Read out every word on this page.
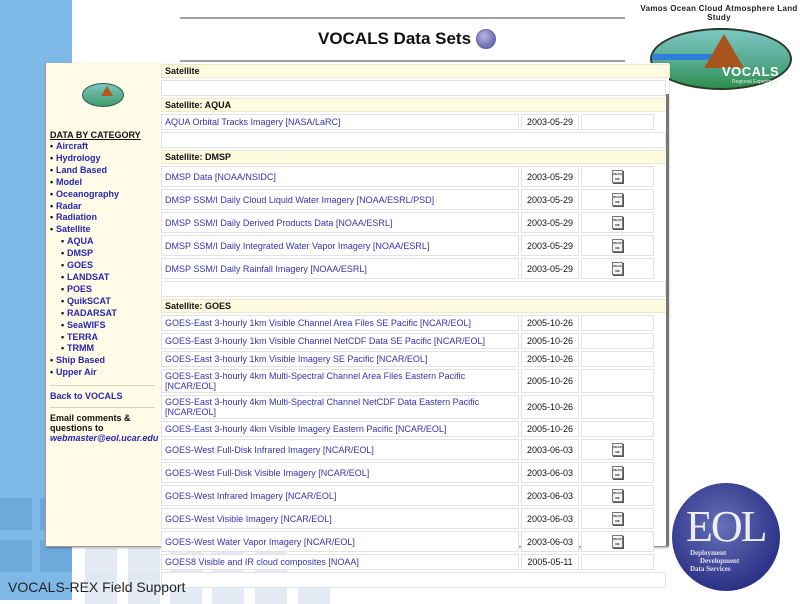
VOCALS Data Sets
Vamos Ocean Cloud Atmosphere Land Study
VOCALS
Regional Experiment
DATA BY CATEGORY
• Aircraft
• Hydrology
• Land Based
• Model
• Oceanography
• Radar
• Radiation
• Satellite
• AQUA
• DMSP
• GOES
• LANDSAT
• POES
• QuikSCAT
• RADARSAT
• SeaWIFS
• TERRA
• TRMM
• Ship Based
• Upper Air
Back to VOCALS
Email comments & questions to
webmaster@eol.ucar.edu
Satellite
Satellite: AQUA
AQUA Orbital Tracks Imagery [NASA/LaRC]	2003-05-29
Satellite: DMSP
DMSP Data [NOAA/NSIDC]	2003-05-29	READ ME
DMSP SSM/I Daily Cloud Liquid Water Imagery [NOAA/ESRL/PSD]	2003-05-29	READ ME
DMSP SSM/I Daily Derived Products Data [NOAA/ESRL]	2003-05-29	READ ME
DMSP SSM/I Daily Integrated Water Vapor Imagery [NOAA/ESRL]	2003-05-29	READ ME
DMSP SSM/I Daily Rainfall Imagery [NOAA/ESRL]	2003-05-29	READ ME
Satellite: GOES
GOES-East 3-hourly 1km Visible Channel Area Files SE Pacific [NCAR/EOL]	2005-10-26
GOES-East 3-hourly 1km Visible Channel NetCDF Data SE Pacific [NCAR/EOL]	2005-10-26
GOES-East 3-hourly 1km Visible Imagery SE Pacific [NCAR/EOL]	2005-10-26
GOES-East 3-hourly 4km Multi-Spectral Channel Area Files Eastern Pacific [NCAR/EOL]	2005-10-26
GOES-East 3-hourly 4km Multi-Spectral Channel NetCDF Data Eastern Pacific [NCAR/EOL]	2005-10-26
GOES-East 3-hourly 4km Visible Imagery Eastern Pacific [NCAR/EOL]	2005-10-26
GOES-West Full-Disk Infrared Imagery [NCAR/EOL]	2003-06-03	READ ME
GOES-West Full-Disk Visible Imagery [NCAR/EOL]	2003-06-03	READ ME
GOES-West Infrared Imagery [NCAR/EOL]	2003-06-03	READ ME
GOES-West Visible Imagery [NCAR/EOL]	2003-06-03	READ ME
GOES-West Water Vapor Imagery [NCAR/EOL]	2003-06-03	READ ME
GOES8 Visible and IR cloud composites [NOAA]	2005-05-11
EOL
Deployment
Development
Data Services
VOCALS-REX Field Support
